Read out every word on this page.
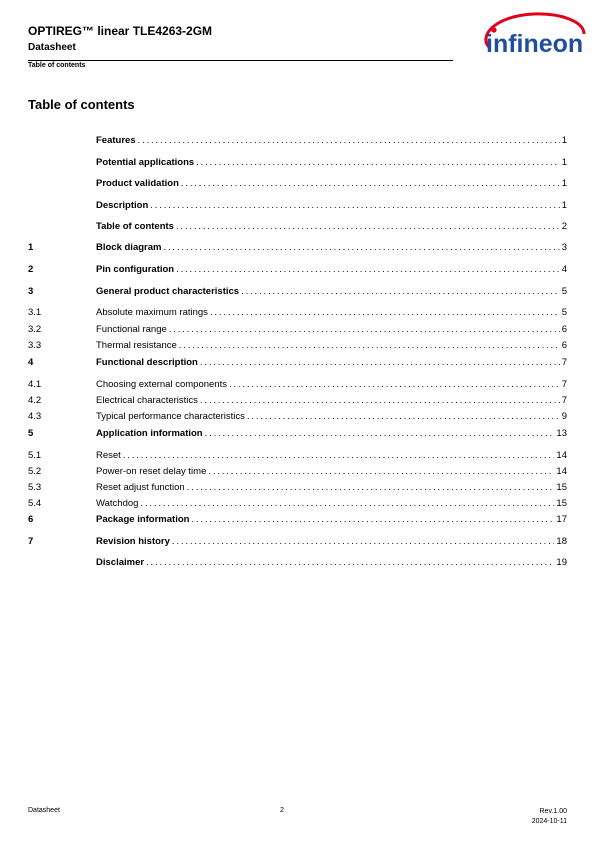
OPTIREG™ linear TLE4263-2GM
Datasheet
Table of contents
infineon
Table of contents
Features . . .	1
Potential applications . . .	1
Product validation . . .	1
Description . . .	1
Table of contents . . .	2
1	Block diagram . . .	3
2	Pin configuration . . .	4
3	General product characteristics . . .	5
3.1	Absolute maximum ratings . . .	5
3.2	Functional range . . .	6
3.3	Thermal resistance . . .	6
4	Functional description . . .	7
4.1	Choosing external components . . .	7
4.2	Electrical characteristics . . .	7
4.3	Typical performance characteristics . . .	9
5	Application information . . .	13
5.1	Reset . . .	14
5.2	Power-on reset delay time . . .	14
5.3	Reset adjust function . . .	15
5.4	Watchdog . . .	15
6	Package information . . .	17
7	Revision history . . .	18
Disclaimer . . .	19
Datasheet	2	Rev.1.00
2024-10-11
